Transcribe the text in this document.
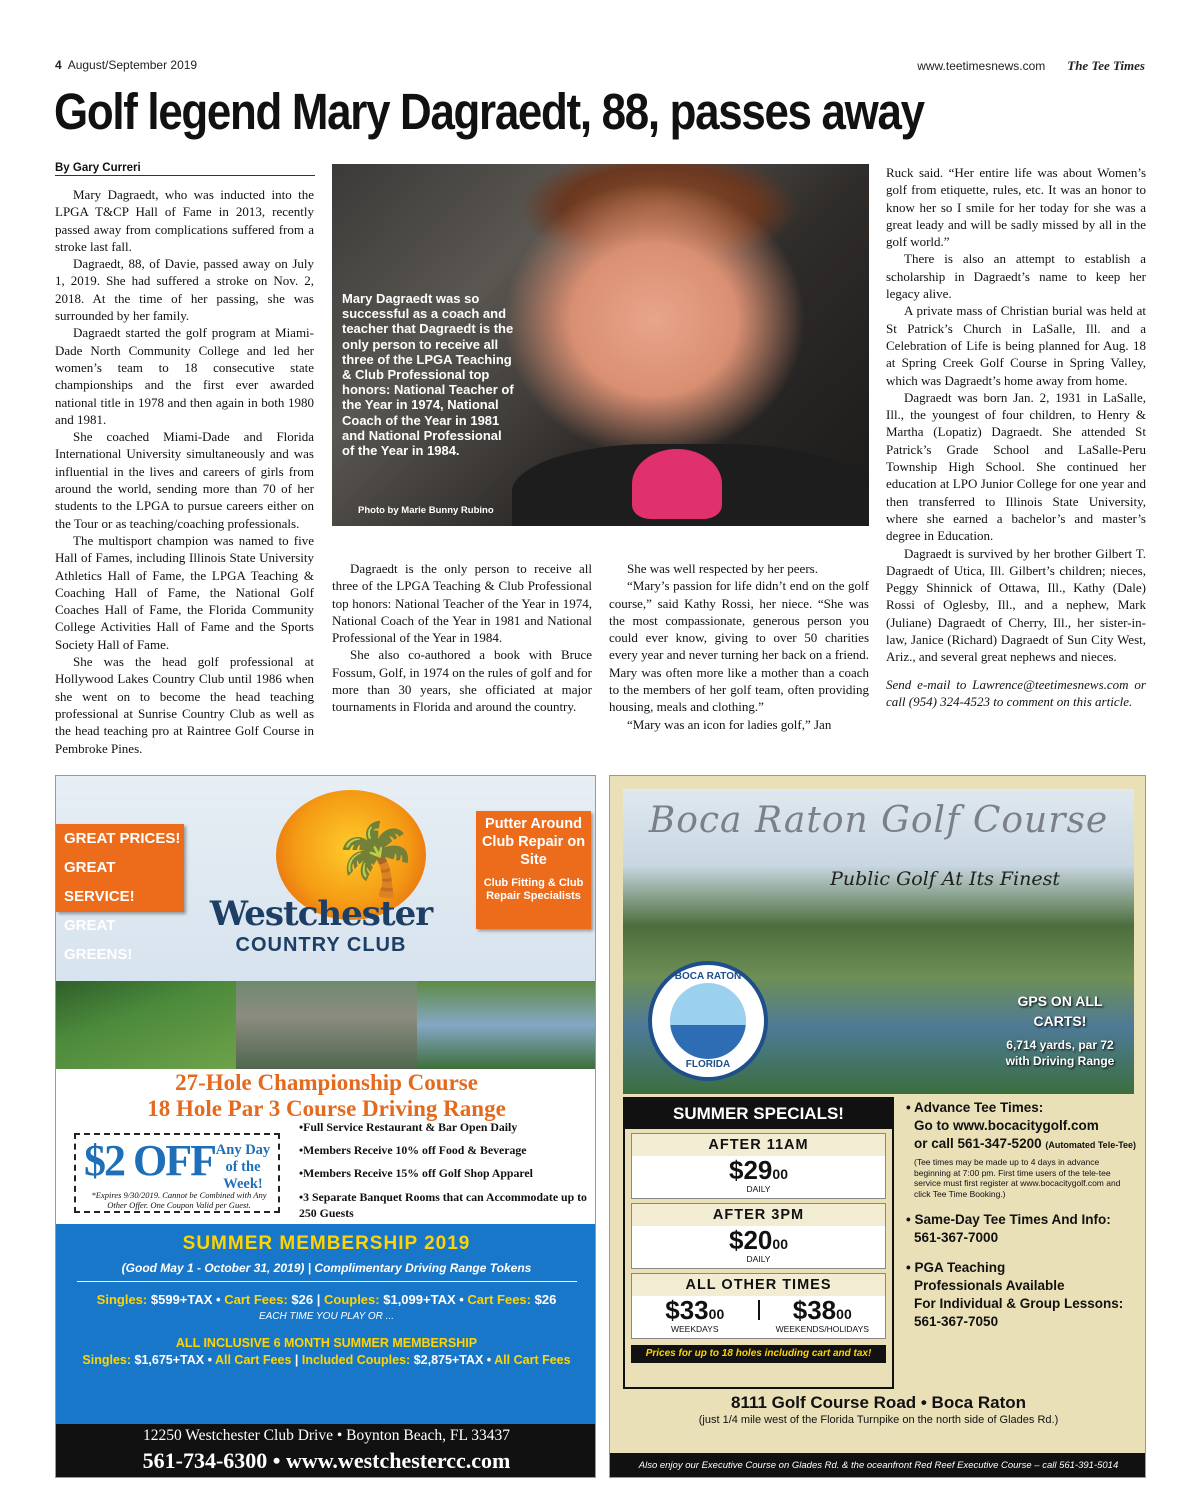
4 August/September 2019	www.teetimesnews.com The Tee Times
Golf legend Mary Dagraedt, 88, passes away
By Gary Curreri

Mary Dagraedt, who was inducted into the LPGA T&CP Hall of Fame in 2013, recently passed away from complications suffered from a stroke last fall.

Dagraedt, 88, of Davie, passed away on July 1, 2019. She had suffered a stroke on Nov. 2, 2018. At the time of her passing, she was surrounded by her family.

Dagraedt started the golf program at Miami-Dade North Community College and led her women’s team to 18 consecutive state championships and the first ever awarded national title in 1978 and then again in both 1980 and 1981.

She coached Miami-Dade and Florida International University simultaneously and was influential in the lives and careers of girls from around the world, sending more than 70 of her students to the LPGA to pursue careers either on the Tour or as teaching/coaching professionals.

The multisport champion was named to five Hall of Fames, including Illinois State University Athletics Hall of Fame, the LPGA Teaching & Coaching Hall of Fame, the National Golf Coaches Hall of Fame, the Florida Community College Activities Hall of Fame and the Sports Society Hall of Fame.

She was the head golf professional at Hollywood Lakes Country Club until 1986 when she went on to become the head teaching professional at Sunrise Country Club as well as the head teaching pro at Raintree Golf Course in Pembroke Pines.

Mary Dagraedt was so successful as a coach and teacher that Dagraedt is the only person to receive all three of the LPGA Teaching & Club Professional top honors: National Teacher of the Year in 1974, National Coach of the Year in 1981 and National Professional of the Year in 1984.
Photo by Marie Bunny Rubino

Dagraedt is the only person to receive all three of the LPGA Teaching & Club Professional top honors: National Teacher of the Year in 1974, National Coach of the Year in 1981 and National Professional of the Year in 1984.

She also co-authored a book with Bruce Fossum, Golf, in 1974 on the rules of golf and for more than 30 years, she officiated at major tournaments in Florida and around the country.

She was well respected by her peers.

“Mary’s passion for life didn’t end on the golf course,” said Kathy Rossi, her niece. “She was the most compassionate, generous person you could ever know, giving to over 50 charities every year and never turning her back on a friend. Mary was often more like a mother than a coach to the members of her golf team, often providing housing, meals and clothing.”

“Mary was an icon for ladies golf,” Jan

Ruck said. “Her entire life was about Women’s golf from etiquette, rules, etc. It was an honor to know her so I smile for her today for she was a great leady and will be sadly missed by all in the golf world.”

There is also an attempt to establish a scholarship in Dagraedt’s name to keep her legacy alive.

A private mass of Christian burial was held at St Patrick’s Church in LaSalle, Ill. and a Celebration of Life is being planned for Aug. 18 at Spring Creek Golf Course in Spring Valley, which was Dagraedt’s home away from home.

Dagraedt was born Jan. 2, 1931 in LaSalle, Ill., the youngest of four children, to Henry & Martha (Lopatiz) Dagraedt. She attended St Patrick’s Grade School and LaSalle-Peru Township High School. She continued her education at LPO Junior College for one year and then transferred to Illinois State University, where she earned a bachelor’s and master’s degree in Education.

Dagraedt is survived by her brother Gilbert T. Dagraedt of Utica, Ill. Gilbert’s children; nieces, Peggy Shinnick of Ottawa, Ill., Kathy (Dale) Rossi of Oglesby, Ill., and a nephew, Mark (Juliane) Dagraedt of Cherry, Ill., her sister-in-law, Janice (Richard) Dagraedt of Sun City West, Ariz., and several great nephews and nieces.

Send e-mail to Lawrence@teetimesnews.com or call (954) 324-4523 to comment on this article.

🌴
Westchester
COUNTRY CLUB
GREAT PRICES!
GREAT SERVICE!
GREAT GREENS!
Putter Around Club Repair on Site
Club Fitting & Club Repair Specialists
27-Hole Championship Course
18 Hole Par 3 Course Driving Range
$2 OFF Any Day of the Week!
*Expires 9/30/2019. Cannot be Combined with Any Other Offer. One Coupon Valid per Guest.
• Full Service Restaurant & Bar Open Daily
• Members Receive 10% off Food & Beverage
• Members Receive 15% off Golf Shop Apparel
• 3 Separate Banquet Rooms that can Accommodate up to 250 Guests
SUMMER MEMBERSHIP 2019
(Good May 1 - October 31, 2019) | Complimentary Driving Range Tokens
Singles: $599+TAX • Cart Fees: $26 | Couples: $1,099+TAX • Cart Fees: $26
EACH TIME YOU PLAY OR ...
ALL INCLUSIVE 6 MONTH SUMMER MEMBERSHIP
Singles: $1,675+TAX • All Cart Fees | Included Couples: $2,875+TAX • All Cart Fees
12250 Westchester Club Drive • Boynton Beach, FL 33437
561-734-6300 • www.westchestercc.com
Boca Raton Golf Course
Public Golf At Its Finest
BOCA RATON
FLORIDA
GPS ON ALL CARTS!
6,714 yards, par 72 with Driving Range
SUMMER SPECIALS!
AFTER 11AM
$\$29^{00}$
DAILY
AFTER 3PM
$\$20^{00}$
DAILY
ALL OTHER TIMES
$\$33^{00}$
WEEKDAYS
$\$38^{00}$
WEEKENDS/HOLIDAYS
Prices for up to 18 holes including cart and tax!
• Advance Tee Times:
Go to www.bocacitygolf.com
or call 561-347-5200 (Automated Tele-Tee)
(Tee times may be made up to 4 days in advance beginning at 7:00 pm. First time users of the tele-tee service must first register at www.bocacitygolf.com and click Tee Time Booking.)
• Same-Day Tee Times And Info:
561-367-7000
• PGA Teaching
Professionals Available
For Individual & Group Lessons:
561-367-7050
8111 Golf Course Road • Boca Raton
(just 1/4 mile west of the Florida Turnpike on the north side of Glades Rd.)
Also enjoy our Executive Course on Glades Rd. & the oceanfront Red Reef Executive Course – call 561-391-5014
